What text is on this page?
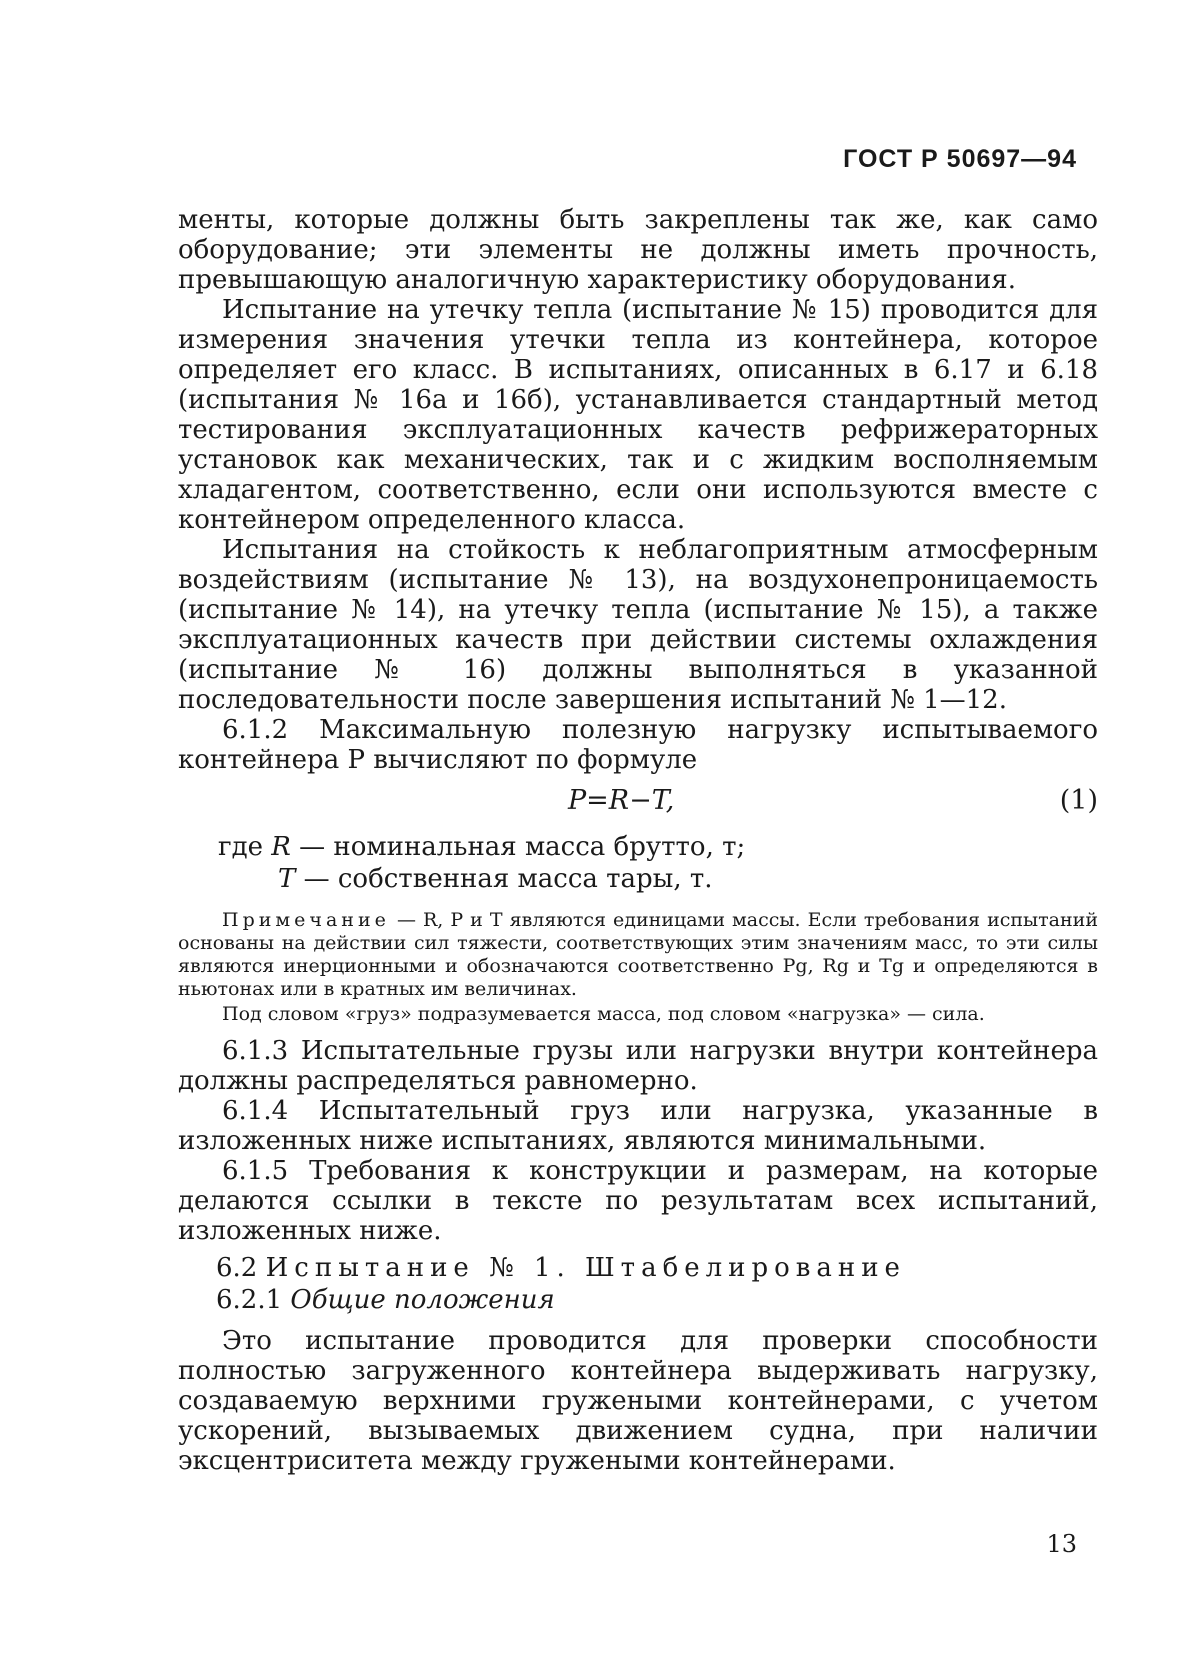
ГОСТ Р 50697—94

менты, которые должны быть закреплены так же, как само оборудование; эти элементы не должны иметь прочность, превышающую аналогичную характеристику оборудования.

Испытание на утечку тепла (испытание № 15) проводится для измерения значения утечки тепла из контейнера, которое определяет его класс. В испытаниях, описанных в 6.17 и 6.18 (испытания № 16а и 16б), устанавливается стандартный метод тестирования эксплуатационных качеств рефрижераторных установок как механических, так и с жидким восполняемым хладагентом, соответственно, если они используются вместе с контейнером определенного класса.

Испытания на стойкость к неблагоприятным атмосферным воздействиям (испытание № 13), на воздухонепроницаемость (испытание № 14), на утечку тепла (испытание № 15), а также эксплуатационных качеств при действии системы охлаждения (испытание № 16) должны выполняться в указанной последовательности после завершения испытаний № 1—12.

6.1.2 Максимальную полезную нагрузку испытываемого контейнера P вычисляют по формуле

P=R−T,	(1)
где R — номинальная масса брутто, т;
T — собственная масса тары, т.

Примечание — R, P и T являются единицами массы. Если требования испытаний основаны на действии сил тяжести, соответствующих этим значениям масс, то эти силы являются инерционными и обозначаются соответственно Pg, Rg и Tg и определяются в ньютонах или в кратных им величинах.

Под словом «груз» подразумевается масса, под словом «нагрузка» — сила.

6.1.3 Испытательные грузы или нагрузки внутри контейнера должны распределяться равномерно.

6.1.4 Испытательный груз или нагрузка, указанные в изложенных ниже испытаниях, являются минимальными.

6.1.5 Требования к конструкции и размерам, на которые делаются ссылки в тексте по результатам всех испытаний, изложенных ниже.

6.2 Испытание № 1. Штабелирование
6.2.1 Общие положения

Это испытание проводится для проверки способности полностью загруженного контейнера выдерживать нагрузку, создаваемую верхними гружеными контейнерами, с учетом ускорений, вызываемых движением судна, при наличии эксцентриситета между гружеными контейнерами.

13
